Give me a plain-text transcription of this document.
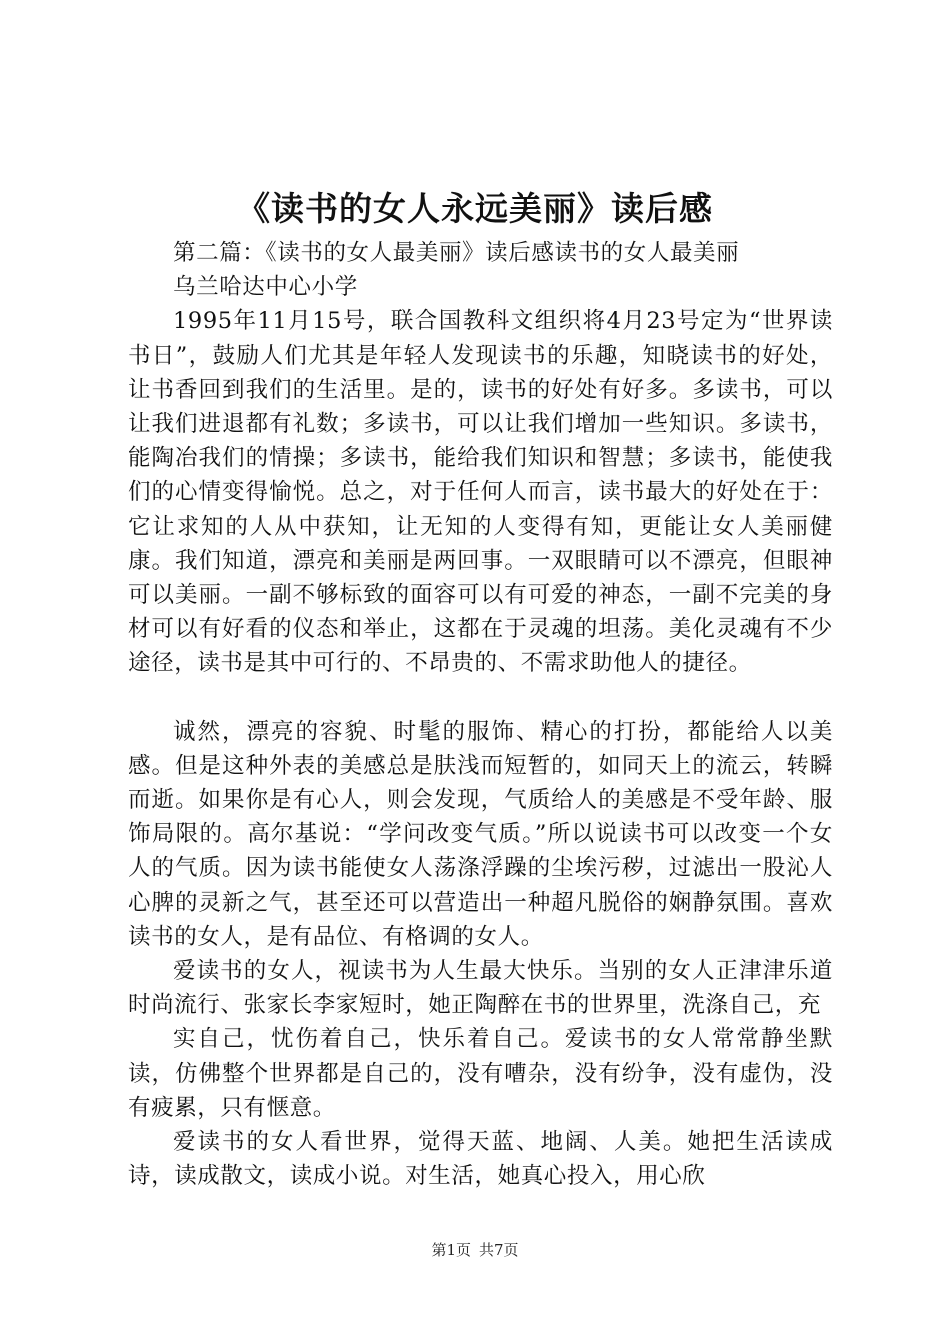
《读书的女人永远美丽》读后感

第二篇：《读书的女人最美丽》读后感读书的女人最美丽

乌兰哈达中心小学

1995年11月15号，联合国教科文组织将4月23号定为“世界读书日”，鼓励人们尤其是年轻人发现读书的乐趣，知晓读书的好处，让书香回到我们的生活里。是的，读书的好处有好多。多读书，可以让我们进退都有礼数；多读书，可以让我们增加一些知识。多读书，能陶冶我们的情操；多读书，能给我们知识和智慧；多读书，能使我们的心情变得愉悦。总之，对于任何人而言，读书最大的好处在于：它让求知的人从中获知，让无知的人变得有知，更能让女人美丽健康。我们知道，漂亮和美丽是两回事。一双眼睛可以不漂亮，但眼神可以美丽。一副不够标致的面容可以有可爱的神态，一副不完美的身材可以有好看的仪态和举止，这都在于灵魂的坦荡。美化灵魂有不少途径，读书是其中可行的、不昂贵的、不需求助他人的捷径。

诚然，漂亮的容貌、时髦的服饰、精心的打扮，都能给人以美感。但是这种外表的美感总是肤浅而短暂的，如同天上的流云，转瞬而逝。如果你是有心人，则会发现，气质给人的美感是不受年龄、服饰局限的。高尔基说：“学问改变气质。”所以说读书可以改变一个女人的气质。因为读书能使女人荡涤浮躁的尘埃污秽，过滤出一股沁人心脾的灵新之气，甚至还可以营造出一种超凡脱俗的娴静氛围。喜欢读书的女人，是有品位、有格调的女人。

爱读书的女人，视读书为人生最大快乐。当别的女人正津津乐道时尚流行、张家长李家短时，她正陶醉在书的世界里，洗涤自己，充

实自己，忧伤着自己，快乐着自己。爱读书的女人常常静坐默读，仿佛整个世界都是自己的，没有嘈杂，没有纷争，没有虚伪，没有疲累，只有惬意。

爱读书的女人看世界，觉得天蓝、地阔、人美。她把生活读成诗，读成散文，读成小说。对生活，她真心投入，用心欣

第1页 共7页
